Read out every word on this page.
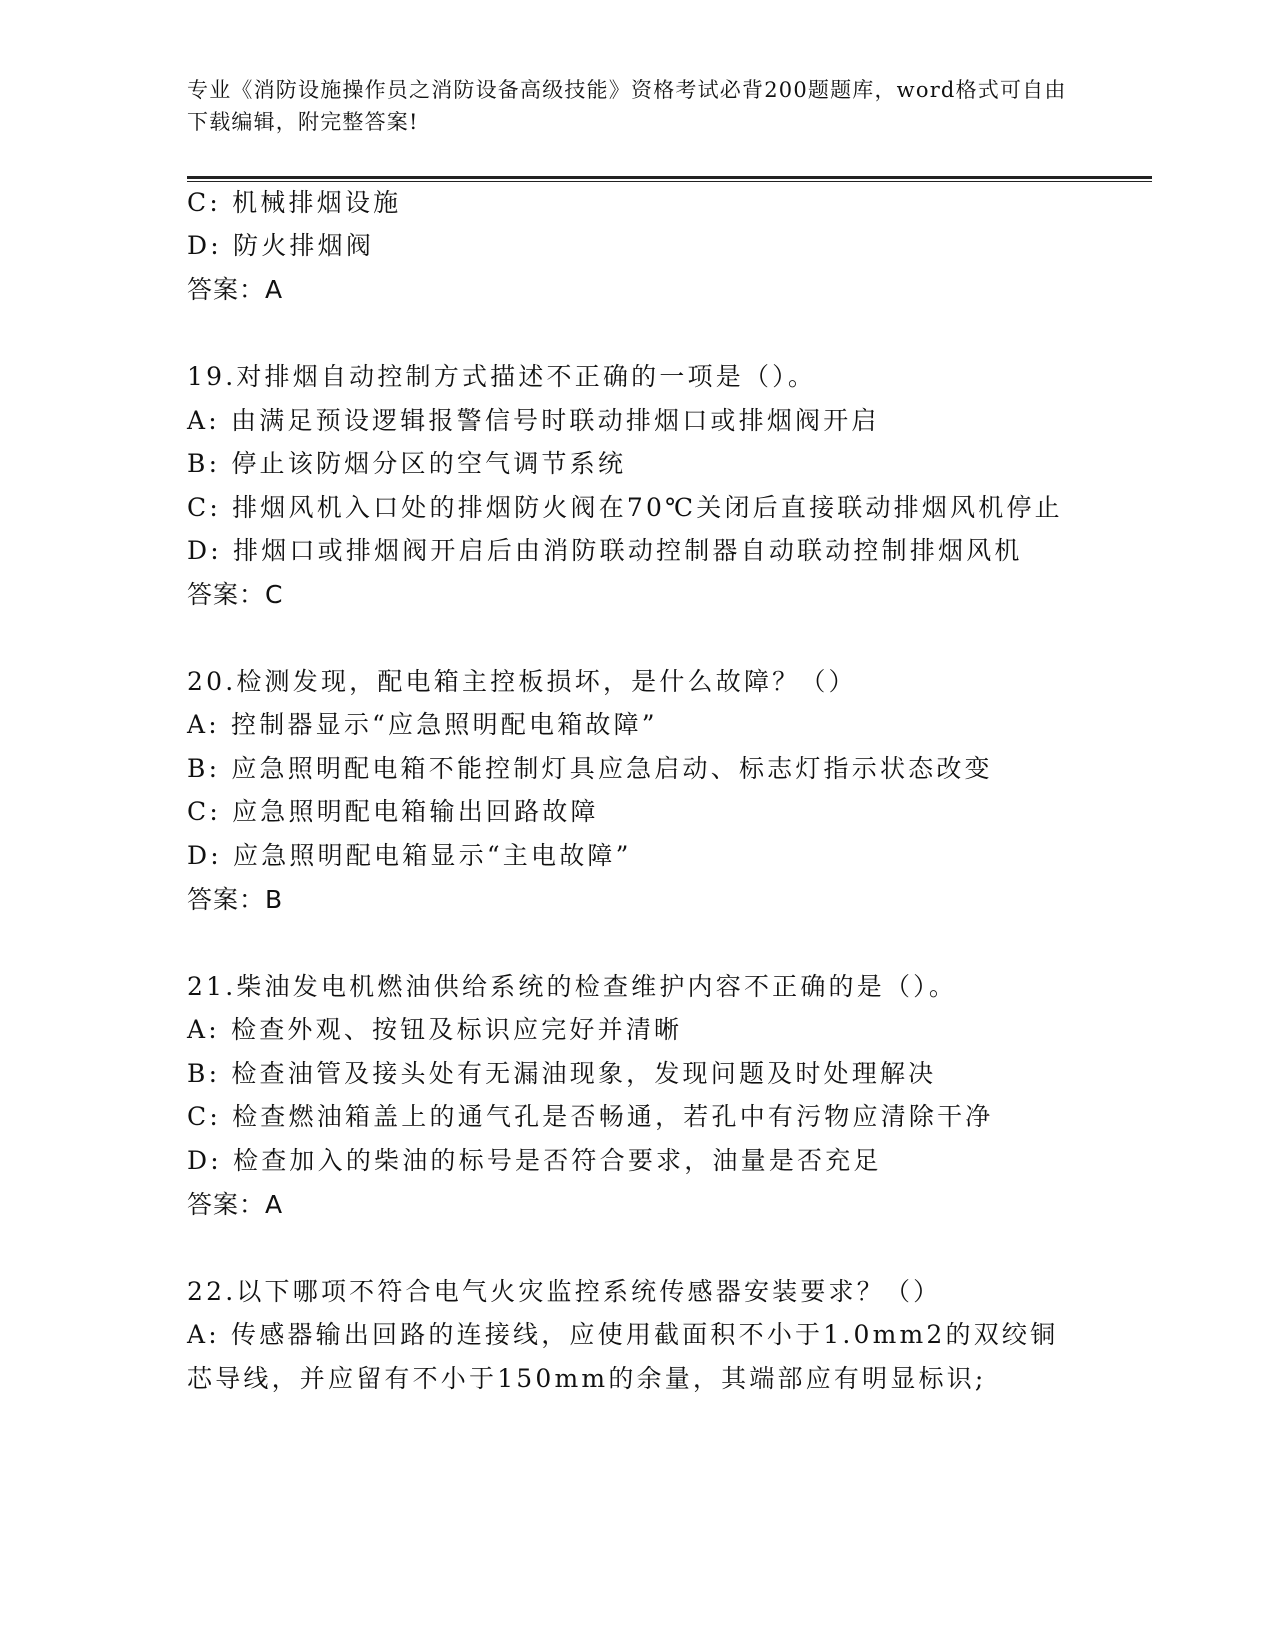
专业《消防设施操作员之消防设备高级技能》资格考试必背200题题库，word格式可自由下载编辑，附完整答案!
C: 机械排烟设施
D: 防火排烟阀
答案：A
19.对排烟自动控制方式描述不正确的一项是（）。
A: 由满足预设逻辑报警信号时联动排烟口或排烟阀开启
B: 停止该防烟分区的空气调节系统
C: 排烟风机入口处的排烟防火阀在70℃关闭后直接联动排烟风机停止
D: 排烟口或排烟阀开启后由消防联动控制器自动联动控制排烟风机
答案：C
20.检测发现，配电箱主控板损坏，是什么故障？（）
A: 控制器显示“应急照明配电箱故障”
B: 应急照明配电箱不能控制灯具应急启动、标志灯指示状态改变
C: 应急照明配电箱输出回路故障
D: 应急照明配电箱显示“主电故障”
答案：B
21.柴油发电机燃油供给系统的检查维护内容不正确的是（）。
A: 检查外观、按钮及标识应完好并清晰
B: 检查油管及接头处有无漏油现象，发现问题及时处理解决
C: 检查燃油箱盖上的通气孔是否畅通，若孔中有污物应清除干净
D: 检查加入的柴油的标号是否符合要求，油量是否充足
答案：A
22.以下哪项不符合电气火灾监控系统传感器安装要求？（）
A: 传感器输出回路的连接线，应使用截面积不小于1.0mm2的双绞铜
芯导线，并应留有不小于150mm的余量，其端部应有明显标识;
